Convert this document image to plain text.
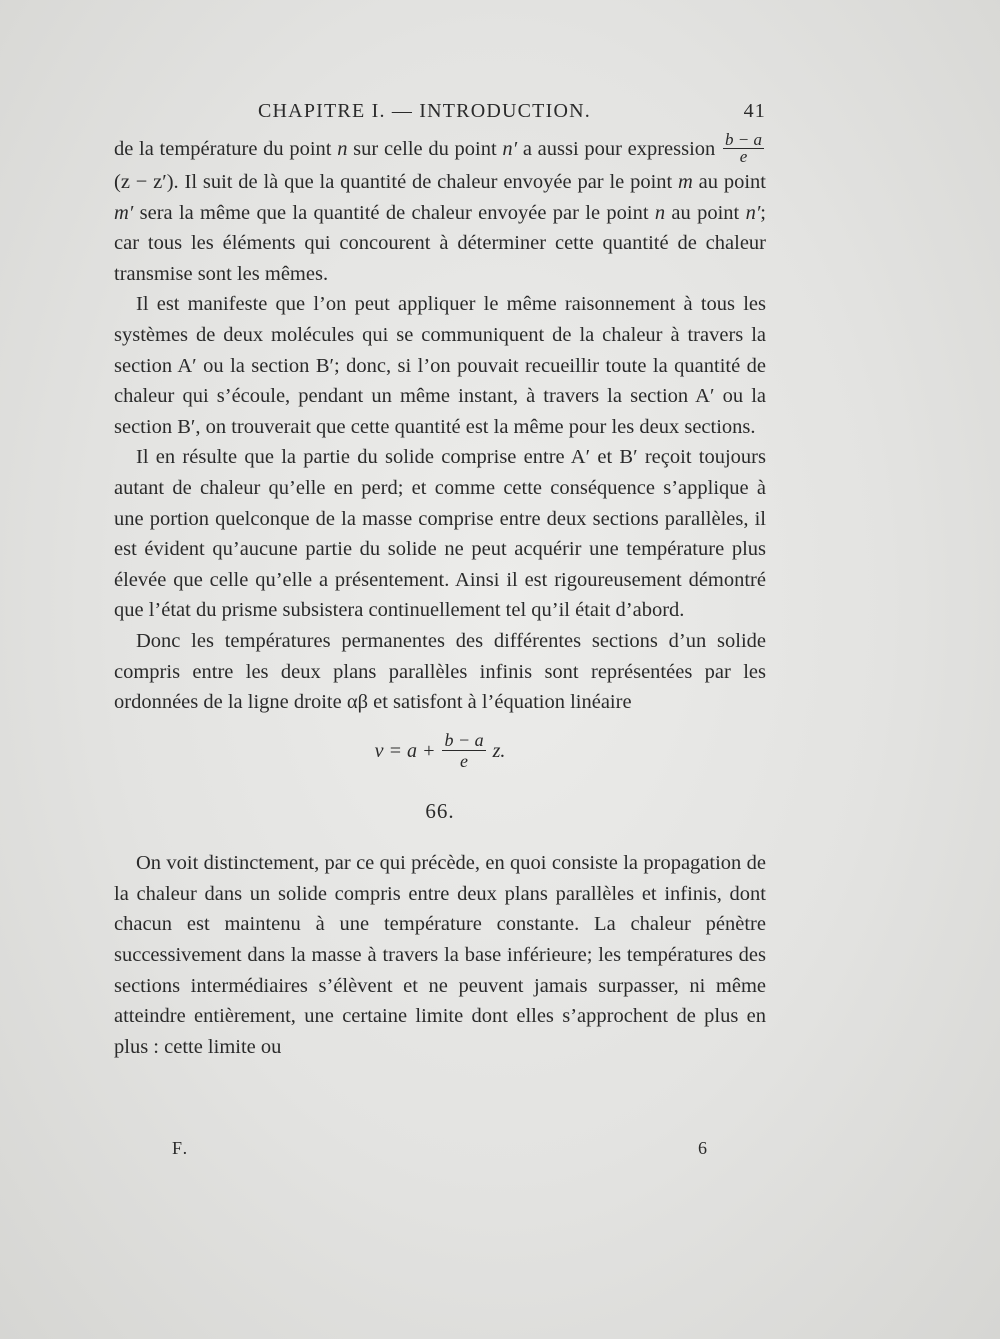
CHAPITRE I. — INTRODUCTION.	41

de la température du point n sur celle du point n′ a aussi pour expression $\frac{b - a}{e}$
(z − z′). Il suit de là que la quantité de chaleur envoyée par le point m au point m′ sera la même que la quantité de chaleur envoyée par le point n au point n′; car tous les éléments qui concourent à déterminer cette quantité de chaleur transmise sont les mêmes.

Il est manifeste que l’on peut appliquer le même raisonnement à tous les systèmes de deux molécules qui se communiquent de la chaleur à travers la section A′ ou la section B′; donc, si l’on pouvait recueillir toute la quantité de chaleur qui s’écoule, pendant un même instant, à travers la section A′ ou la section B′, on trouverait que cette quantité est la même pour les deux sections.

Il en résulte que la partie du solide comprise entre A′ et B′ reçoit toujours autant de chaleur qu’elle en perd; et comme cette conséquence s’applique à une portion quelconque de la masse comprise entre deux sections parallèles, il est évident qu’aucune partie du solide ne peut acquérir une température plus élevée que celle qu’elle a présentement. Ainsi il est rigoureusement démontré que l’état du prisme subsistera continuellement tel qu’il était d’abord.

Donc les températures permanentes des différentes sections d’un solide compris entre les deux plans parallèles infinis sont représentées par les ordonnées de la ligne droite αβ et satisfont à l’équation linéaire

$v = a + \frac{b - a}{e} z$.
66.

On voit distinctement, par ce qui précède, en quoi consiste la propagation de la chaleur dans un solide compris entre deux plans parallèles et infinis, dont chacun est maintenu à une température constante. La chaleur pénètre successivement dans la masse à travers la base inférieure; les températures des sections intermédiaires s’élèvent et ne peuvent jamais surpasser, ni même atteindre entièrement, une certaine limite dont elles s’approchent de plus en plus : cette limite ou

F.	6
